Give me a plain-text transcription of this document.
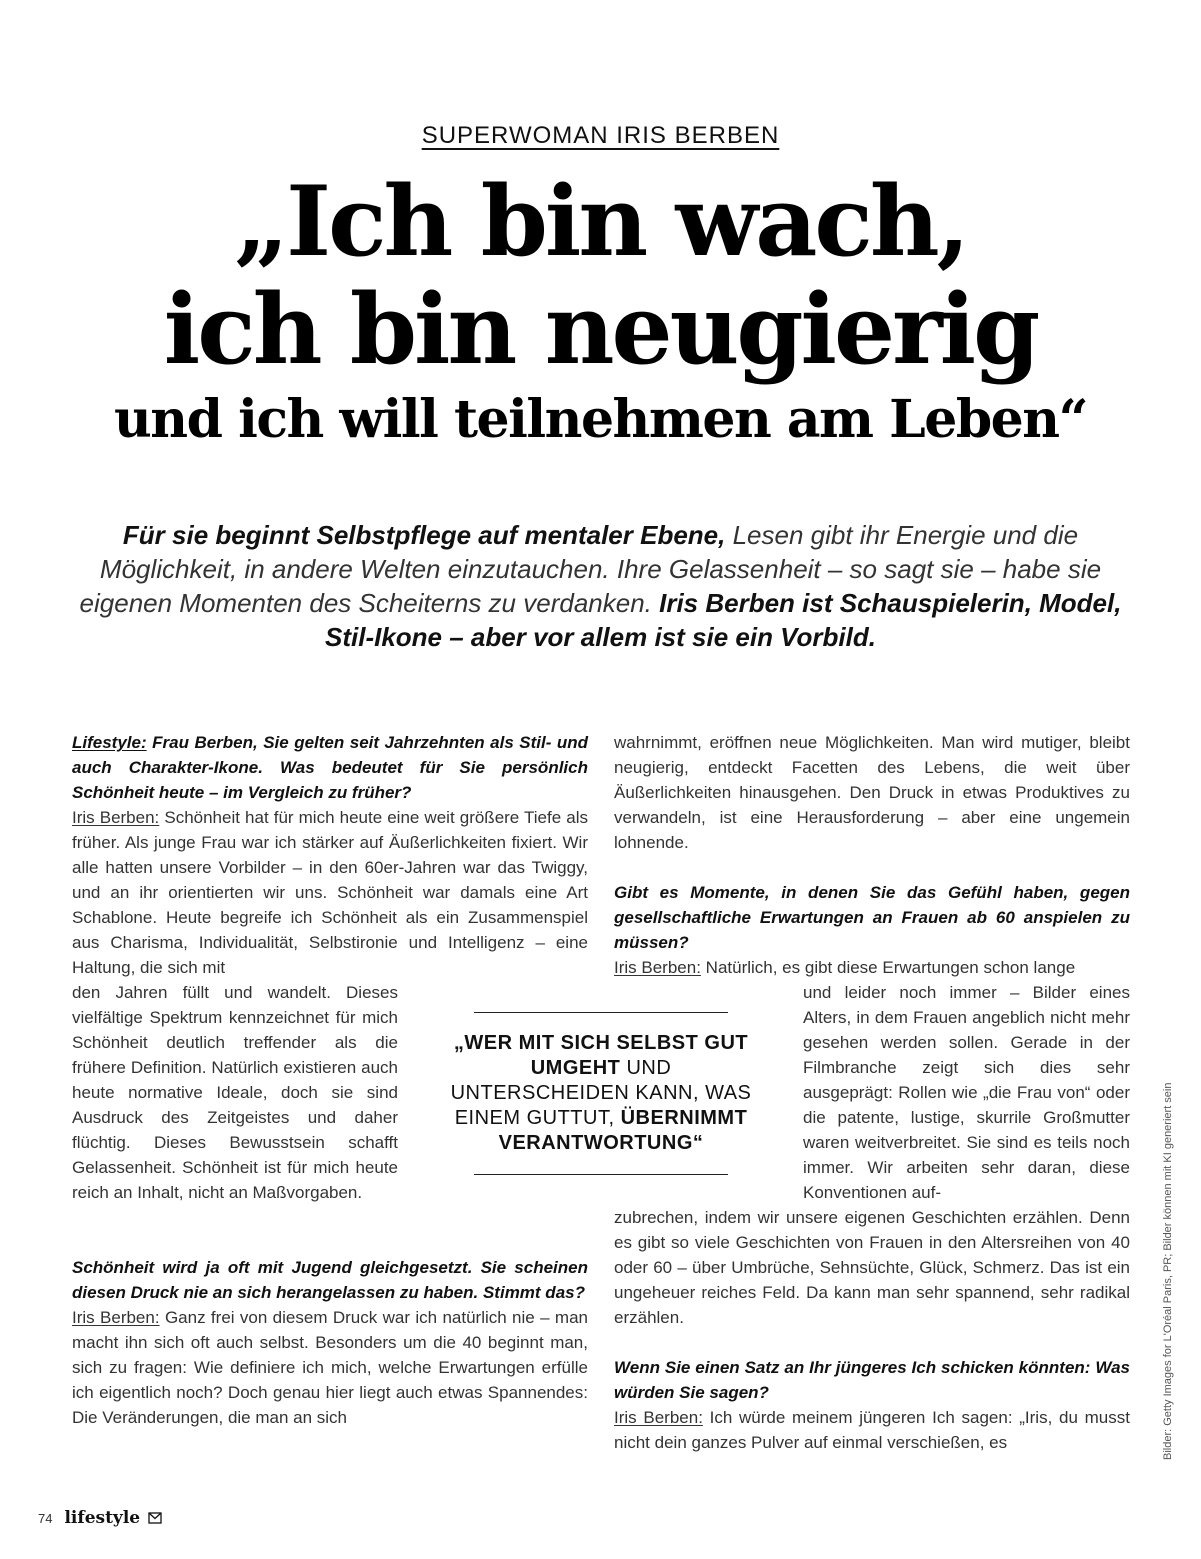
SUPERWOMAN IRIS BERBEN
„Ich bin wach,
ich bin neugierig
und ich will teilnehmen am Leben“
Für sie beginnt Selbstpflege auf mentaler Ebene, Lesen gibt ihr Energie und die Möglichkeit, in andere Welten einzutauchen. Ihre Gelassenheit – so sagt sie – habe sie eigenen Momenten des Scheiterns zu verdanken. Iris Berben ist Schauspielerin, Model, Stil-Ikone – aber vor allem ist sie ein Vorbild.

Lifestyle: Frau Berben, Sie gelten seit Jahrzehnten als Stil- und auch Charakter-Ikone. Was bedeutet für Sie persönlich Schönheit heute – im Vergleich zu früher?

Iris Berben: Schönheit hat für mich heute eine weit größere Tiefe als früher. Als junge Frau war ich stärker auf Äußerlichkeiten fixiert. Wir alle hatten unsere Vorbilder – in den 60er-Jahren war das Twiggy, und an ihr orientierten wir uns. Schönheit war damals eine Art Schablone. Heute begreife ich Schönheit als ein Zusammenspiel aus Charisma, Individualität, Selbstironie und Intelligenz – eine Haltung, die sich mit

den Jahren füllt und wandelt. Dieses vielfältige Spektrum kennzeichnet für mich Schönheit deutlich treffender als die frühere Definition. Natürlich existieren auch heute normative Ideale, doch sie sind Ausdruck des Zeitgeistes und daher flüchtig. Dieses Bewusstsein schafft Gelassenheit. Schönheit ist für mich heute reich an Inhalt, nicht an Maßvorgaben.

Schönheit wird ja oft mit Jugend gleichgesetzt. Sie scheinen diesen Druck nie an sich herangelassen zu haben. Stimmt das?

Iris Berben: Ganz frei von diesem Druck war ich natürlich nie – man macht ihn sich oft auch selbst. Besonders um die 40 beginnt man, sich zu fragen: Wie definiere ich mich, welche Erwartungen erfülle ich eigentlich noch? Doch genau hier liegt auch etwas Spannendes: Die Veränderungen, die man an sich

wahrnimmt, eröffnen neue Möglichkeiten. Man wird mutiger, bleibt neugierig, entdeckt Facetten des Lebens, die weit über Äußerlichkeiten hinausgehen. Den Druck in etwas Produktives zu verwandeln, ist eine Herausforderung – aber eine ungemein lohnende.

Gibt es Momente, in denen Sie das Gefühl haben, gegen gesellschaftliche Erwartungen an Frauen ab 60 anspielen zu müssen?

Iris Berben: Natürlich, es gibt diese Erwartungen schon lange

und leider noch immer – Bilder eines Alters, in dem Frauen angeblich nicht mehr gesehen werden sollen. Gerade in der Filmbranche zeigt sich dies sehr ausgeprägt: Rollen wie „die Frau von“ oder die patente, lustige, skurrile Großmutter waren weitverbreitet. Sie sind es teils noch immer. Wir arbeiten sehr daran, diese Konventionen auf-

zubrechen, indem wir unsere eigenen Geschichten erzählen. Denn es gibt so viele Geschichten von Frauen in den Altersreihen von 40 oder 60 – über Umbrüche, Sehnsüchte, Glück, Schmerz. Das ist ein ungeheuer reiches Feld. Da kann man sehr spannend, sehr radikal erzählen.

Wenn Sie einen Satz an Ihr jüngeres Ich schicken könnten: Was würden Sie sagen?

Iris Berben: Ich würde meinem jüngeren Ich sagen: „Iris, du musst nicht dein ganzes Pulver auf einmal verschießen, es

„WER MIT SICH SELBST GUT UMGEHT UND UNTERSCHEIDEN KANN, WAS EINEM GUTTUT, ÜBERNIMMT VERANTWORTUNG“	Bilder: Getty Images for L'Oréal Paris, PR; Bilder können mit KI generiert sein
74 lifestyle
